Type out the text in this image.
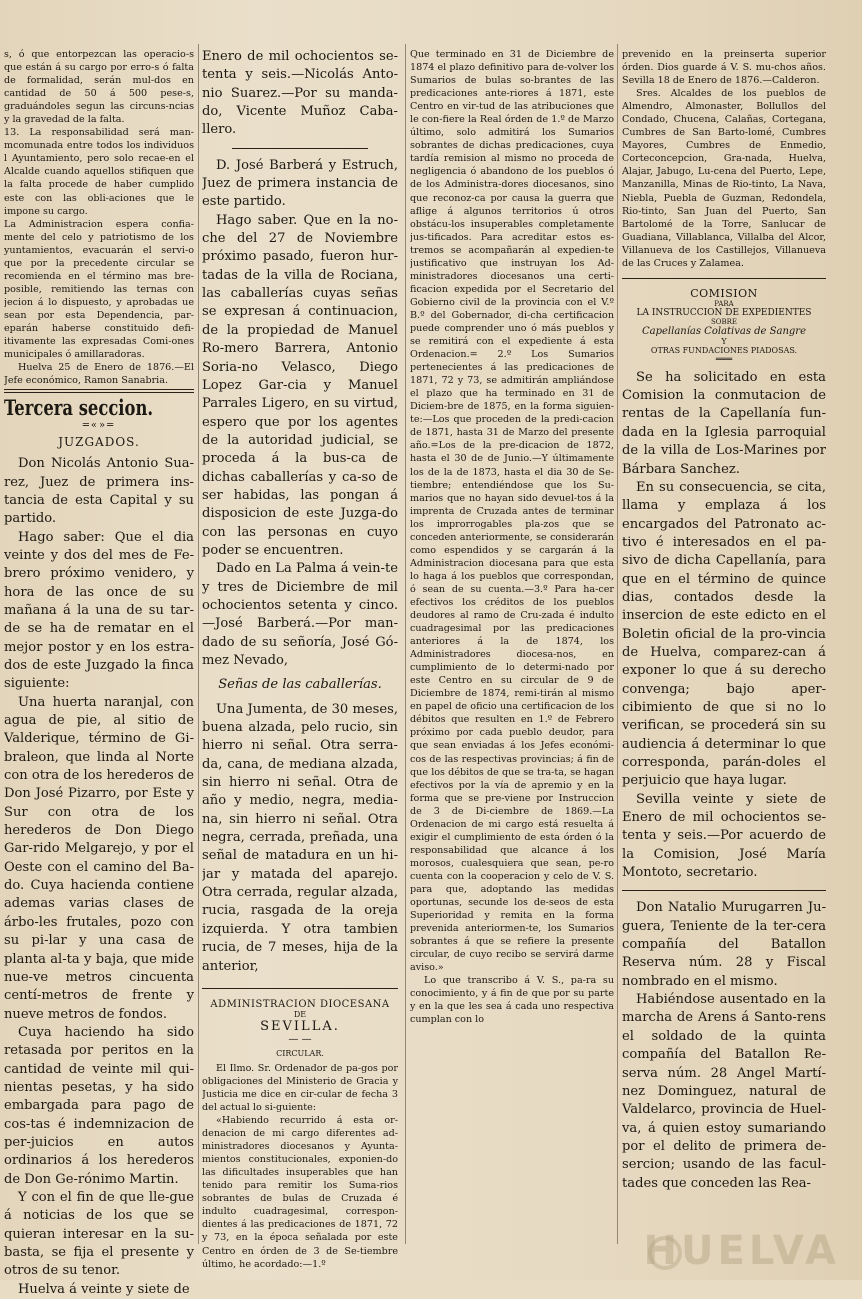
s, ó que entorpezcan las operacio-s que están á su cargo por erro-s ó falta de formalidad, serán mul-dos en cantidad de 50 á 500 pese-s, graduándoles segun las circuns-ncias y la gravedad de la falta.

13. La responsabilidad será man-mcomunada entre todos los individuos l Ayuntamiento, pero solo recae-en el Alcalde cuando aquellos stifiquen que la falta procede de haber cumplido este con las obli-aciones que le impone su cargo.

La Administracion espera confia-mente del celo y patriotismo de los yuntamientos, evacuarán el servi-o que por la precedente circular se recomienda en el término mas bre-posible, remitiendo las ternas con jecion á lo dispuesto, y aprobadas ue sean por esta Dependencia, par-eparán haberse constituido defi-itivamente las expresadas Comi-ones municipales ó amillaradoras.

Huelva 25 de Enero de 1876.—El Jefe económico, Ramon Sanabria.

Tercera seccion.
═«»═
JUZGADOS.

Don Nicolás Antonio Sua-rez, Juez de primera ins-tancia de esta Capital y su partido.

Hago saber: Que el dia veinte y dos del mes de Fe-brero próximo venidero, y hora de las once de su mañana á la una de su tar-de se ha de rematar en el mejor postor y en los estra-dos de este Juzgado la finca siguiente:

Una huerta naranjal, con agua de pie, al sitio de Valderique, término de Gi-braleon, que linda al Norte con otra de los herederos de Don José Pizarro, por Este y Sur con otra de los herederos de Don Diego Gar-rido Melgarejo, y por el Oeste con el camino del Ba-do. Cuya hacienda contiene ademas varias clases de árbo-les frutales, pozo con su pi-lar y una casa de planta al-ta y baja, que mide nue-ve metros cincuenta centí-metros de frente y nueve metros de fondos.

Cuya haciendo ha sido retasada por peritos en la cantidad de veinte mil qui-nientas pesetas, y ha sido embargada para pago de cos-tas é indemnizacion de per-juicios en autos ordinarios á los herederos de Don Ge-rónimo Martin.

Y con el fin de que lle-gue á noticias de los que se quieran interesar en la su-basta, se fija el presente y otros de su tenor.

Huelva á veinte y siete de

Enero de mil ochocientos se-tenta y seis.—Nicolás Anto-nio Suarez.—Por su manda-do, Vicente Muñoz Caba-llero.

D. José Barberá y Estruch, Juez de primera instancia de este partido.

Hago saber. Que en la no-che del 27 de Noviembre próximo pasado, fueron hur-tadas de la villa de Rociana, las caballerías cuyas señas se expresan á continuacion, de la propiedad de Manuel Ro-mero Barrera, Antonio Soria-no Velasco, Diego Lopez Gar-cia y Manuel Parrales Ligero, en su virtud, espero que por los agentes de la autoridad judicial, se proceda á la bus-ca de dichas caballerías y ca-so de ser habidas, las pongan á disposicion de este Juzga-do con las personas en cuyo poder se encuentren.

Dado en La Palma á vein-te y tres de Diciembre de mil ochocientos setenta y cinco. —José Barberá.—Por man-dado de su señoría, José Gó-mez Nevado,

Señas de las caballerías.

Una Jumenta, de 30 meses, buena alzada, pelo rucio, sin hierro ni señal. Otra serra-da, cana, de mediana alzada, sin hierro ni señal. Otra de año y medio, negra, media-na, sin hierro ni señal. Otra negra, cerrada, preñada, una señal de matadura en un hi-jar y matada del aparejo. Otra cerrada, regular alzada, rucia, rasgada de la oreja izquierda. Y otra tambien rucia, de 7 meses, hija de la anterior,

ADMINISTRACION DIOCESANA
DE
SEVILLA.
— —
CIRCULAR.

El Ilmo. Sr. Ordenador de pa-gos por obligaciones del Ministerio de Gracia y Justicia me dice en cir-cular de fecha 3 del actual lo si-guiente:

«Habiendo recurrido á esta or-denacion de mi cargo diferentes ad-ministradores diocesanos y Ayunta-mientos constitucionales, exponien-do las dificultades insuperables que han tenido para remitir los Suma-rios sobrantes de bulas de Cruzada é indulto cuadragesimal, correspon-dientes á las predicaciones de 1871, 72 y 73, en la época señalada por este Centro en órden de 3 de Se-tiembre último, he acordado:—1.º

Que terminado en 31 de Diciembre de 1874 el plazo definitivo para de-volver los Sumarios de bulas so-brantes de las predicaciones ante-riores á 1871, este Centro en vir-tud de las atribuciones que le con-fiere la Real órden de 1.º de Marzo último, solo admitirá los Sumarios sobrantes de dichas predicaciones, cuya tardía remision al mismo no proceda de negligencia ó abandono de los pueblos ó de los Administra-dores diocesanos, sino que reconoz-ca por causa la guerra que aflige á algunos territorios ú otros obstácu-los insuperables completamente jus-tificados. Para acreditar estos es-tremos se acompañarán al expedien-te justificativo que instruyan los Ad-ministradores diocesanos una certi-ficacion expedida por el Secretario del Gobierno civil de la provincia con el V.º B.º del Gobernador, di-cha certificacion puede comprender uno ó más pueblos y se remitirá con el expediente á esta Ordenacion.= 2.º Los Sumarios pertenecientes á las predicaciones de 1871, 72 y 73, se admitirán ampliándose el plazo que ha terminado en 31 de Diciem-bre de 1875, en la forma siguien-te:—Los que proceden de la predi-cacion de 1871, hasta 31 de Marzo del presente año.=Los de la pre-dicacion de 1872, hasta el 30 de de Junio.—Y últimamente los de la de 1873, hasta el dia 30 de Se-tiembre; entendiéndose que los Su-marios que no hayan sido devuel-tos á la imprenta de Cruzada antes de terminar los improrrogables pla-zos que se conceden anteriormente, se considerarán como espendidos y se cargarán á la Administracion diocesana para que esta lo haga á los pueblos que correspondan, ó sean de su cuenta.—3.º Para ha-cer efectivos los créditos de los pueblos deudores al ramo de Cru-zada é indulto cuadragesimal por las predicaciones anteriores á la de 1874, los Administradores diocesa-nos, en cumplimiento de lo determi-nado por este Centro en su circular de 9 de Diciembre de 1874, remi-tirán al mismo en papel de oficio una certificacion de los débitos que resulten en 1.º de Febrero próximo por cada pueblo deudor, para que sean enviadas á los Jefes económi-cos de las respectivas provincias; á fin de que los débitos de que se tra-ta, se hagan efectivos por la vía de apremio y en la forma que se pre-viene por Instruccion de 3 de Di-ciembre de 1869.—La Ordenacion de mi cargo está resuelta á exigir el cumplimiento de esta órden ó la responsabilidad que alcance á los morosos, cualesquiera que sean, pe-ro cuenta con la cooperacion y celo de V. S. para que, adoptando las medidas oportunas, secunde los de-seos de esta Superioridad y remita en la forma prevenida anteriormen-te, los Sumarios sobrantes á que se refiere la presente circular, de cuyo recibo se servirá darme aviso.»

Lo que transcribo á V. S., pa-ra su conocimiento, y á fin de que por su parte y en la que les sea á cada uno respectiva cumplan con lo

prevenido en la preinserta superior órden. Dios guarde á V. S. mu-chos años. Sevilla 18 de Enero de 1876.—Calderon.

Sres. Alcaldes de los pueblos de Almendro, Almonaster, Bollullos del Condado, Chucena, Calañas, Cortegana, Cumbres de San Barto-lomé, Cumbres Mayores, Cumbres de Enmedio, Corteconcepcion, Gra-nada, Huelva, Alajar, Jabugo, Lu-cena del Puerto, Lepe, Manzanilla, Minas de Rio-tinto, La Nava, Niebla, Puebla de Guzman, Redondela, Rio-tinto, San Juan del Puerto, San Bartolomé de la Torre, Sanlucar de Guadiana, Villablanca, Villalba del Alcor, Villanueva de los Castillejos, Villanueva de las Cruces y Zalamea.

COMISION
PARA
LA INSTRUCCION DE EXPEDIENTES
SOBRE
Capellanías Colativas de Sangre
Y
OTRAS FUNDACIONES PIADOSAS.
═══

Se ha solicitado en esta Comision la conmutacion de rentas de la Capellanía fun-dada en la Iglesia parroquial de la villa de Los-Marines por Bárbara Sanchez.

En su consecuencia, se cita, llama y emplaza á los encargados del Patronato ac-tivo é interesados en el pa-sivo de dicha Capellanía, para que en el término de quince dias, contados desde la insercion de este edicto en el Boletin oficial de la pro-vincia de Huelva, comparez-can á exponer lo que á su derecho convenga; bajo aper-cibimiento de que si no lo verifican, se procederá sin su audiencia á determinar lo que corresponda, parán-doles el perjuicio que haya lugar.

Sevilla veinte y siete de Enero de mil ochocientos se-tenta y seis.—Por acuerdo de la Comision, José María Montoto, secretario.

Don Natalio Murugarren Ju-guera, Teniente de la ter-cera compañía del Batallon Reserva núm. 28 y Fiscal nombrado en el mismo.

Habiéndose ausentado en la marcha de Arens á Santo-rens el soldado de la quinta compañía del Batallon Re-serva núm. 28 Angel Martí-nez Dominguez, natural de Valdelarco, provincia de Huel-va, á quien estoy sumariando por el delito de primera de-sercion; usando de las facul-tades que conceden las Rea-

HUELVA
